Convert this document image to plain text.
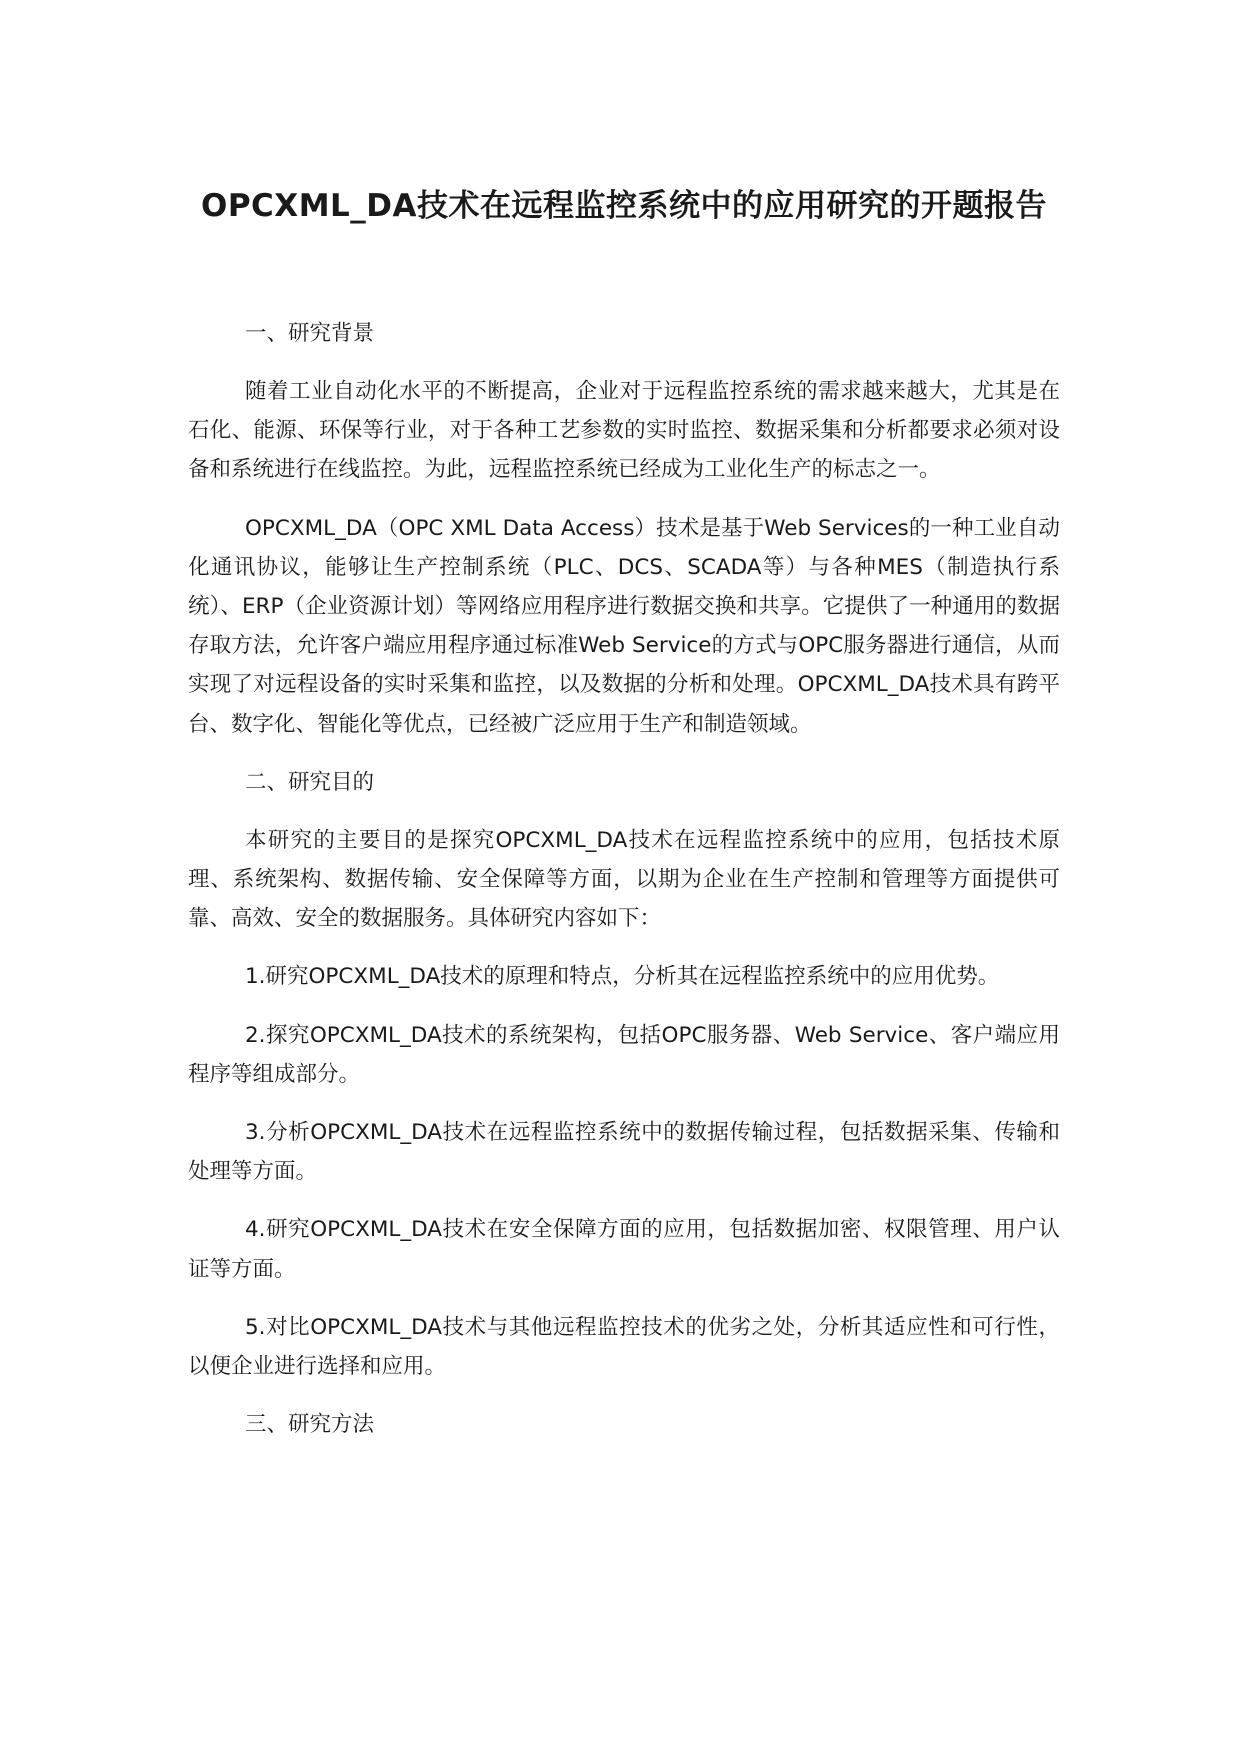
OPCXML_DA技术在远程监控系统中的应用研究的开题报告

一、研究背景

随着工业自动化水平的不断提高，企业对于远程监控系统的需求越来越大，尤其是在石化、能源、环保等行业，对于各种工艺参数的实时监控、数据采集和分析都要求必须对设备和系统进行在线监控。为此，远程监控系统已经成为工业化生产的标志之一。

OPCXML_DA（OPC XML Data Access）技术是基于Web Services的一种工业自动化通讯协议，能够让生产控制系统（PLC、DCS、SCADA等）与各种MES（制造执行系统）、ERP（企业资源计划）等网络应用程序进行数据交换和共享。它提供了一种通用的数据存取方法，允许客户端应用程序通过标准Web Service的方式与OPC服务器进行通信，从而实现了对远程设备的实时采集和监控，以及数据的分析和处理。OPCXML_DA技术具有跨平台、数字化、智能化等优点，已经被广泛应用于生产和制造领域。

二、研究目的

本研究的主要目的是探究OPCXML_DA技术在远程监控系统中的应用，包括技术原理、系统架构、数据传输、安全保障等方面，以期为企业在生产控制和管理等方面提供可靠、高效、安全的数据服务。具体研究内容如下：

1.研究OPCXML_DA技术的原理和特点，分析其在远程监控系统中的应用优势。

2.探究OPCXML_DA技术的系统架构，包括OPC服务器、Web Service、客户端应用程序等组成部分。

3.分析OPCXML_DA技术在远程监控系统中的数据传输过程，包括数据采集、传输和处理等方面。

4.研究OPCXML_DA技术在安全保障方面的应用，包括数据加密、权限管理、用户认证等方面。

5.对比OPCXML_DA技术与其他远程监控技术的优劣之处，分析其适应性和可行性，以便企业进行选择和应用。

三、研究方法
